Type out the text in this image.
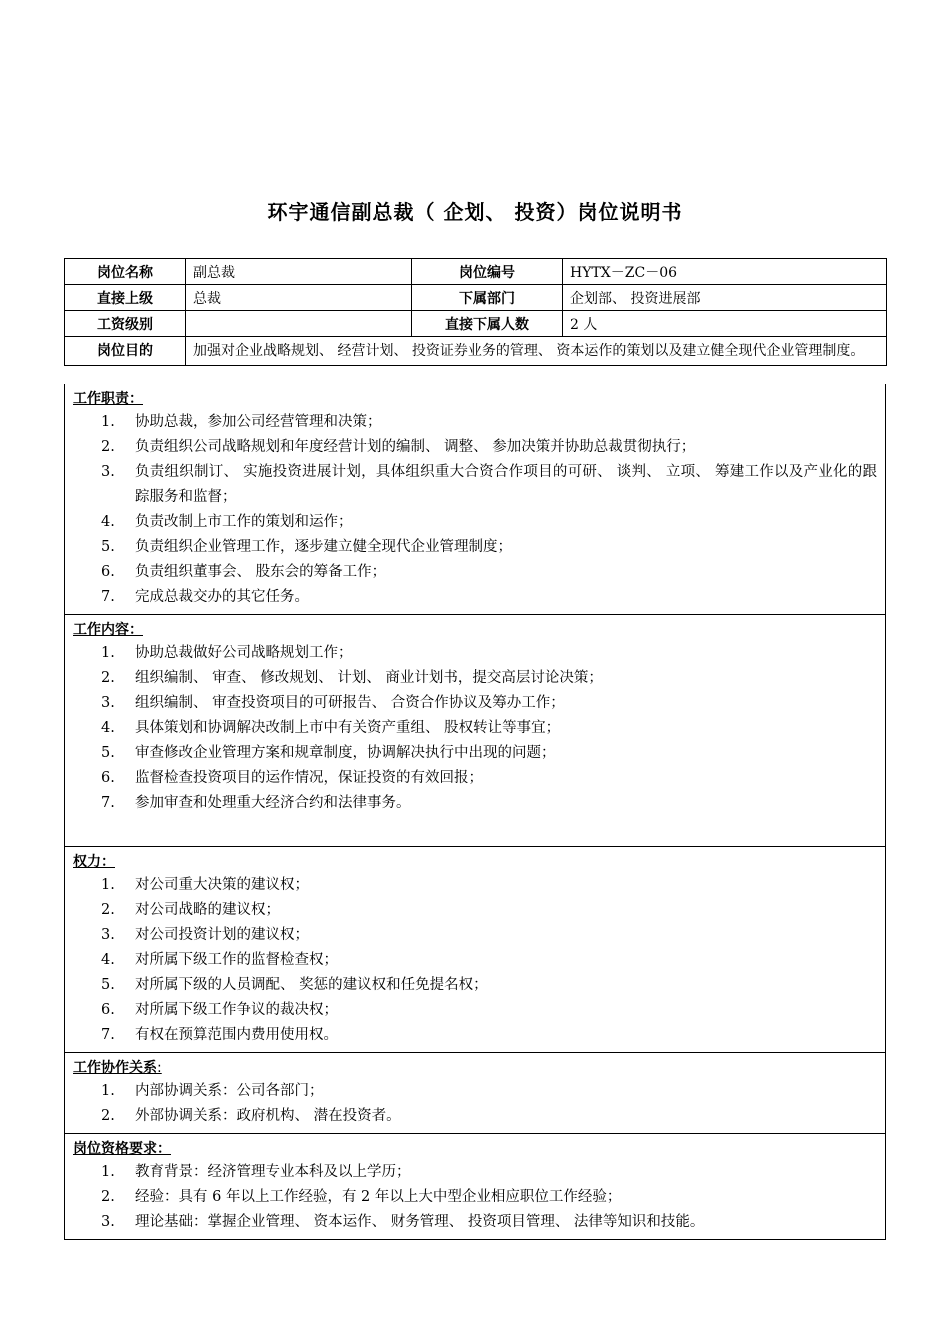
环宇通信副总裁（ 企划、 投资）岗位说明书
岗位名称	副总裁	岗位编号	HYTX－ZC－06
直接上级	总裁	下属部门	企划部、 投资进展部
工资级别		直接下属人数	2 人
岗位目的	加强对企业战略规划、 经营计划、 投资证券业务的管理、 资本运作的策划以及建立健全现代企业管理制度。		
工作职责：
1.	协助总裁，参加公司经营管理和决策；
2.	负责组织公司战略规划和年度经营计划的编制、 调整、 参加决策并协助总裁贯彻执行；
3.	负责组织制订、 实施投资进展计划，具体组织重大合资合作项目的可研、 谈判、 立项、 筹建工作以及产业化的跟踪服务和监督；
4.	负责改制上市工作的策划和运作；
5.	负责组织企业管理工作，逐步建立健全现代企业管理制度；
6.	负责组织董事会、 股东会的筹备工作；
7.	完成总裁交办的其它任务。
工作内容：
1.	协助总裁做好公司战略规划工作；
2.	组织编制、 审查、 修改规划、 计划、 商业计划书，提交高层讨论决策；
3.	组织编制、 审查投资项目的可研报告、 合资合作协议及筹办工作；
4.	具体策划和协调解决改制上市中有关资产重组、 股权转让等事宜；
5.	审查修改企业管理方案和规章制度，协调解决执行中出现的问题；
6.	监督检查投资项目的运作情况，保证投资的有效回报；
7.	参加审查和处理重大经济合约和法律事务。
权力：
1.	对公司重大决策的建议权；
2.	对公司战略的建议权；
3.	对公司投资计划的建议权；
4.	对所属下级工作的监督检查权；
5.	对所属下级的人员调配、 奖惩的建议权和任免提名权；
6.	对所属下级工作争议的裁决权；
7.	有权在预算范围内费用使用权。
工作协作关系:
1.	内部协调关系：公司各部门；
2.	外部协调关系：政府机构、 潜在投资者。
岗位资格要求：
1.	教育背景：经济管理专业本科及以上学历；
2.	经验：具有 6 年以上工作经验，有 2 年以上大中型企业相应职位工作经验；
3.	理论基础：掌握企业管理、 资本运作、 财务管理、 投资项目管理、 法律等知识和技能。
